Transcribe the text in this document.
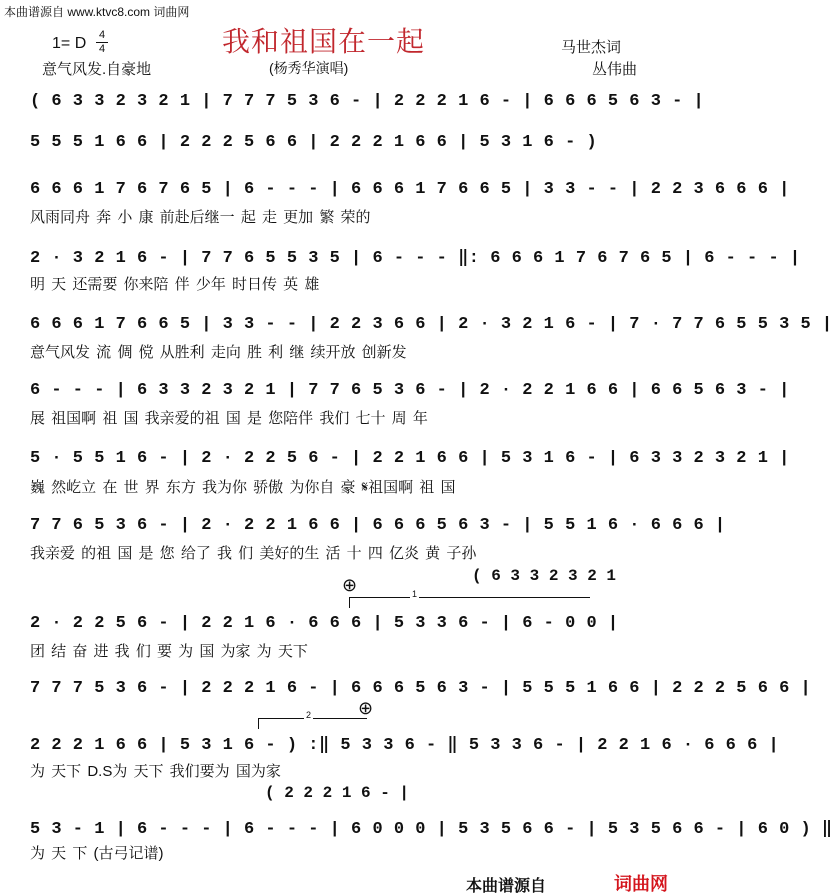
本曲谱源自 www.ktvc8.com 词曲网
1= D 4
4	我和祖国在一起	马世杰词
意气风发.自豪地	(杨秀华演唱)	丛伟曲
( 6 3 3 2 3 2 1 | 7 7 7 5 3 6 - | 2 2 2 1 6 - | 6 6 6 5 6 3 - |
5 5 5 1 6 6 | 2 2 2 5 6 6 | 2 2 2 1 6 6 | 5 3 1 6 - )
6 6 6 1 7 6 7 6 5 | 6 - - - | 6 6 6 1 7 6 6 5 | 3 3 - - | 2 2 3 6 6 6 |
风雨同舟 奔 小 康 前赴后继一 起 走 更加 繁 荣的
2 · 3 2 1 6 - | 7 7 6 5 5 3 5 | 6 - - - ‖: 6 6 6 1 7 6 7 6 5 | 6 - - - |
明 天 还需要 你来陪 伴 少年 时日传 英 雄
6 6 6 1 7 6 6 5 | 3 3 - - | 2 2 3 6 6 | 2 · 3 2 1 6 - | 7 · 7 7 6 5 5 3 5 |
意气风发 流 倜 傥 从胜利 走向 胜 利 继 续开放 创新发
6 - - - | 6 3 3 2 3 2 1 | 7 7 6 5 3 6 - | 2 · 2 2 1 6 6 | 6 6 5 6 3 - |
展 祖国啊 祖 国 我亲爱的祖 国 是 您陪伴 我们 七十 周 年
5 · 5 5 1 6 - | 2 · 2 2 5 6 - | 2 2 1 6 6 | 5 3 1 6 - | 6 3 3 2 3 2 1 |
巍 然屹立 在 世 界 东方 我为你 骄傲 为你自 豪 𝄋祖国啊 祖 国
7 7 6 5 3 6 - | 2 · 2 2 1 6 6 | 6 6 6 5 6 3 - | 5 5 1 6 · 6 6 6 |
我亲爱 的祖 国 是 您 给了 我 们 美好的生 活 十 四 亿炎 黄 子孙
( 6 3 3 2 3 2 1
⊕	1
2 · 2 2 5 6 - | 2 2 1 6 · 6 6 6 | 5 3 3 6 - | 6 - 0 0 |
团 结 奋 进 我 们 要 为 国 为家 为 天下
7 7 7 5 3 6 - | 2 2 2 1 6 - | 6 6 6 5 6 3 - | 5 5 5 1 6 6 | 2 2 2 5 6 6 |
⊕
2
2 2 2 1 6 6 | 5 3 1 6 - ) :‖ 5 3 3 6 - ‖ 5 3 3 6 - | 2 2 1 6 · 6 6 6 |
为 天下 D.S为 天下 我们要为 国为家
( 2 2 2 1 6 - |
5 3 - 1 | 6 - - - | 6 - - - | 6 0 0 0 | 5 3 5 6 6 - | 5 3 5 6 6 - | 6 0 ) ‖
为 天 下 (古弓记谱)
本曲谱源自	词曲网
